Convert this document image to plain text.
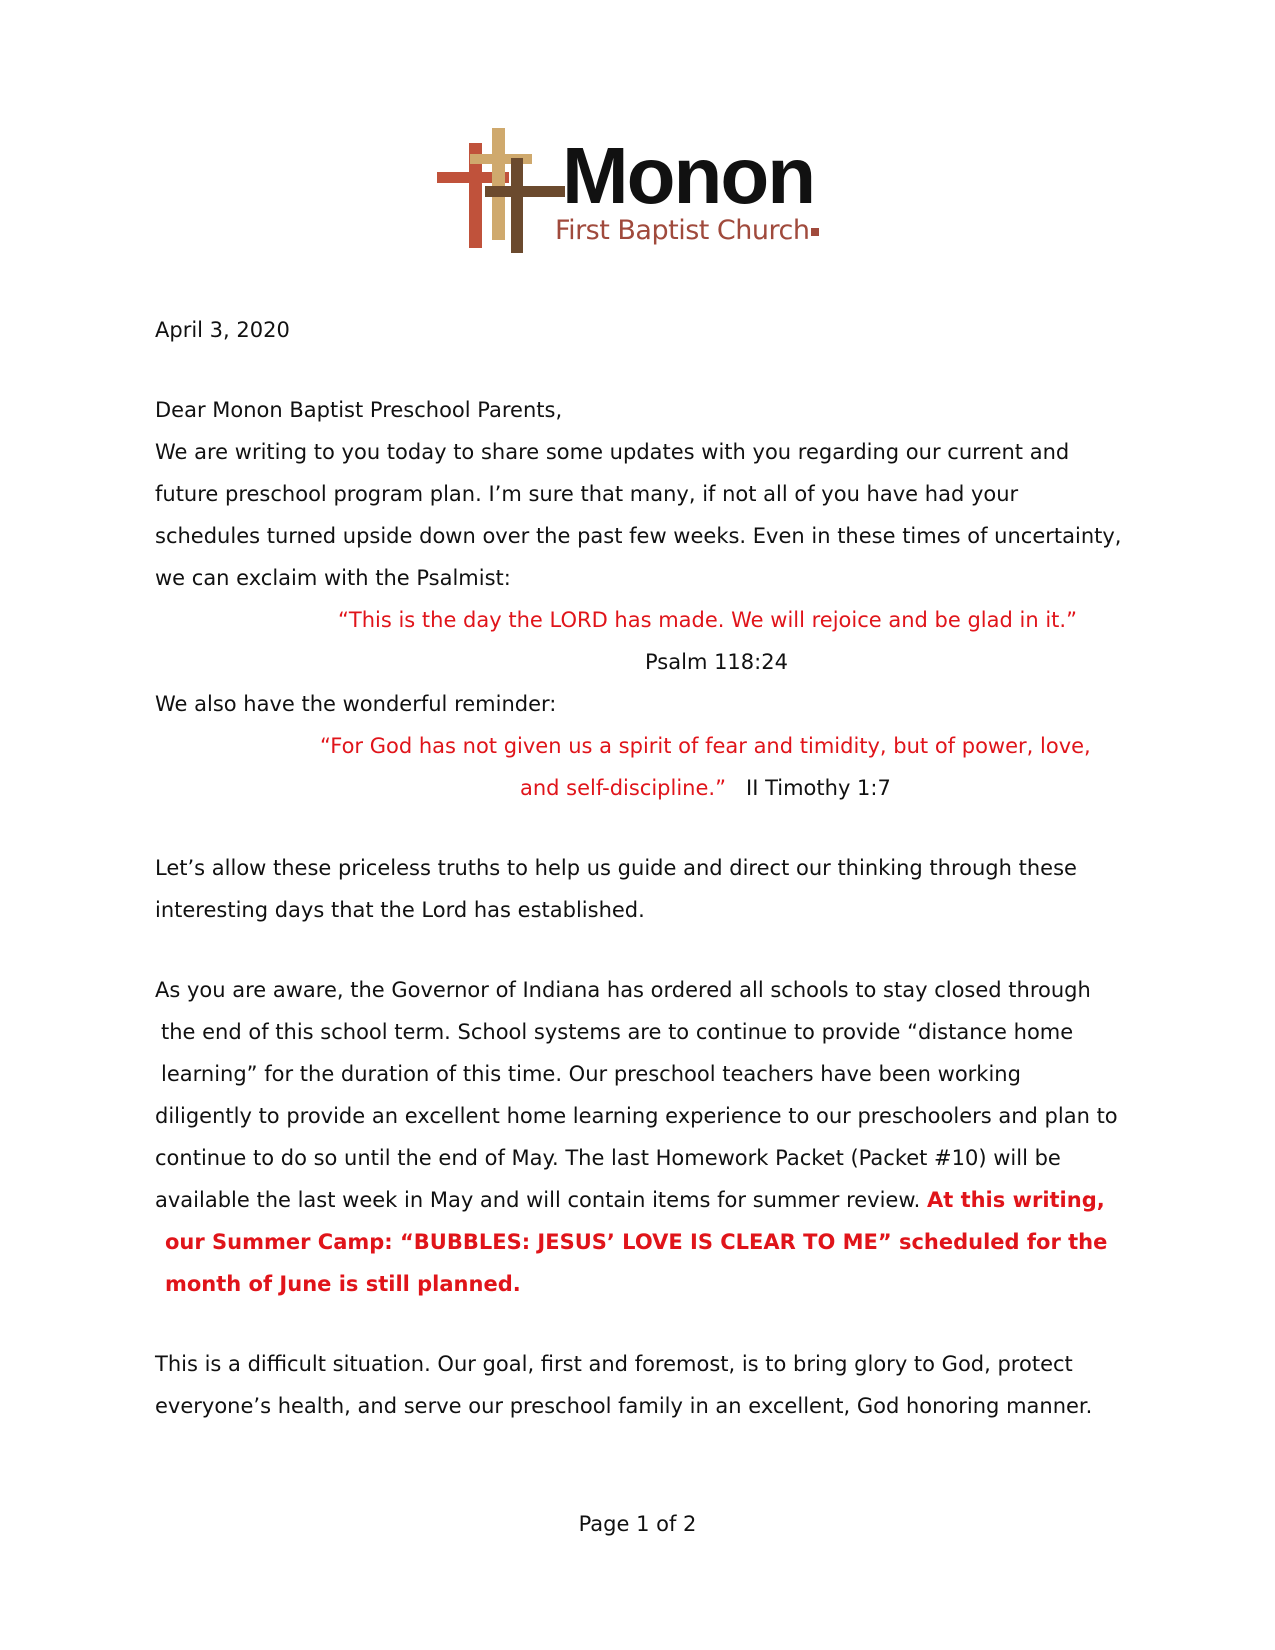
Monon
First Baptist Church

April 3, 2020

Dear Monon Baptist Preschool Parents,

We are writing to you today to share some updates with you regarding our current and

future preschool program plan. I’m sure that many, if not all of you have had your

schedules turned upside down over the past few weeks. Even in these times of uncertainty,

we can exclaim with the Psalmist:

“This is the day the LORD has made. We will rejoice and be glad in it.”

Psalm 118:24

We also have the wonderful reminder:

“For God has not given us a spirit of fear and timidity, but of power, love,

and self-discipline.” II Timothy 1:7

Let’s allow these priceless truths to help us guide and direct our thinking through these

interesting days that the Lord has established.

As you are aware, the Governor of Indiana has ordered all schools to stay closed through

the end of this school term. School systems are to continue to provide “distance home

learning” for the duration of this time. Our preschool teachers have been working

diligently to provide an excellent home learning experience to our preschoolers and plan to

continue to do so until the end of May. The last Homework Packet (Packet #10) will be

available the last week in May and will contain items for summer review. At this writing,

our Summer Camp: “BUBBLES: JESUS’ LOVE IS CLEAR TO ME” scheduled for the

month of June is still planned.

This is a difficult situation. Our goal, first and foremost, is to bring glory to God, protect

everyone’s health, and serve our preschool family in an excellent, God honoring manner.

Page 1 of 2
